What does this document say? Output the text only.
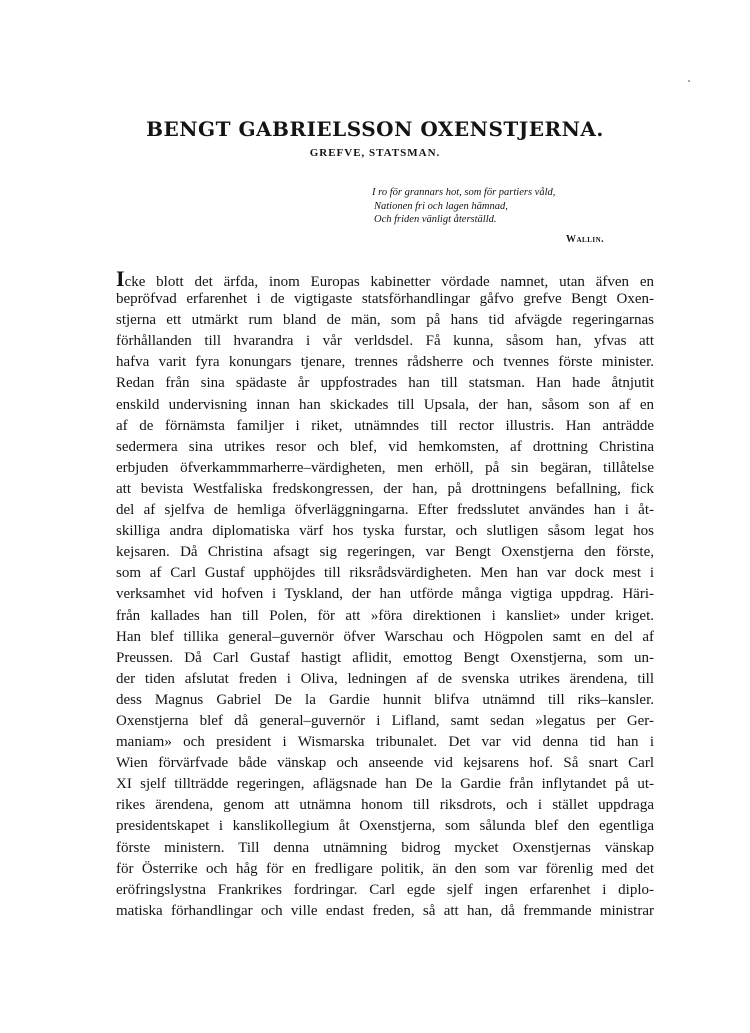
BENGT GABRIELSSON OXENSTJERNA.
GREFVE, STATSMAN.
I ro för grannars hot, som för partiers våld,
Nationen fri och lagen hämnad,
Och friden vänligt återställd.
Wallin.
Icke blott det ärfda, inom Europas kabinetter vördade namnet, utan äfven en
bepröfvad erfarenhet i de vigtigaste statsförhandlingar gåfvo grefve Bengt Oxen-
stjerna ett utmärkt rum bland de män, som på hans tid afvägde regeringarnas
förhållanden till hvarandra i vår verldsdel. Få kunna, såsom han, yfvas att
hafva varit fyra konungars tjenare, trennes rådsherre och tvennes förste minister.
Redan från sina spädaste år uppfostrades han till statsman. Han hade åtnjutit
enskild undervisning innan han skickades till Upsala, der han, såsom son af en
af de förnämsta familjer i riket, utnämndes till rector illustris. Han anträdde
sedermera sina utrikes resor och blef, vid hemkomsten, af drottning Christina
erbjuden öfverkammmarherre–värdigheten, men erhöll, på sin begäran, tillåtelse
att bevista Westfaliska fredskongressen, der han, på drottningens befallning, fick
del af sjelfva de hemliga öfverläggningarna. Efter fredsslutet användes han i åt-
skilliga andra diplomatiska värf hos tyska furstar, och slutligen såsom legat hos
kejsaren. Då Christina afsagt sig regeringen, var Bengt Oxenstjerna den förste,
som af Carl Gustaf upphöjdes till riksrådsvärdigheten. Men han var dock mest i
verksamhet vid hofven i Tyskland, der han utförde många vigtiga uppdrag. Häri-
från kallades han till Polen, för att »föra direktionen i kansliet» under kriget.
Han blef tillika general–guvernör öfver Warschau och Högpolen samt en del af
Preussen. Då Carl Gustaf hastigt aflidit, emottog Bengt Oxenstjerna, som un-
der tiden afslutat freden i Oliva, ledningen af de svenska utrikes ärendena, till
dess Magnus Gabriel De la Gardie hunnit blifva utnämnd till riks–kansler.
Oxenstjerna blef då general–guvernör i Lifland, samt sedan »legatus per Ger-
maniam» och president i Wismarska tribunalet. Det var vid denna tid han i
Wien förvärfvade både vänskap och anseende vid kejsarens hof. Så snart Carl
XI sjelf tillträdde regeringen, aflägsnade han De la Gardie från inflytandet på ut-
rikes ärendena, genom att utnämna honom till riksdrots, och i stället uppdraga
presidentskapet i kanslikollegium åt Oxenstjerna, som sålunda blef den egentliga
förste ministern. Till denna utnämning bidrog mycket Oxenstjernas vänskap
för Österrike och håg för en fredligare politik, än den som var förenlig med det
eröfringslystna Frankrikes fordringar. Carl egde sjelf ingen erfarenhet i diplo-
matiska förhandlingar och ville endast freden, så att han, då fremmande ministrar
